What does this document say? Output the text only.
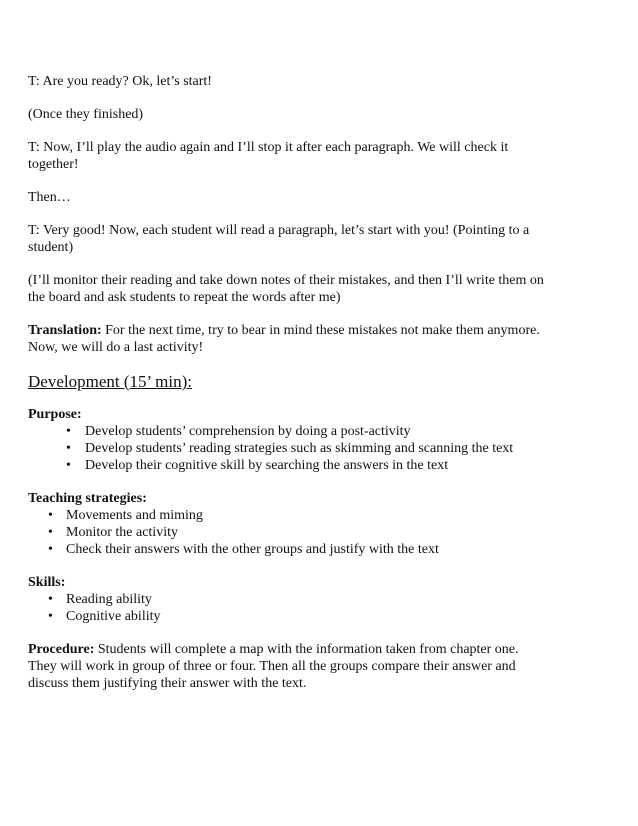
T: Are you ready? Ok, let’s start!

(Once they finished)

T: Now, I’ll play the audio again and I’ll stop it after each paragraph. We will check it together!

Then…

T: Very good! Now, each student will read a paragraph, let’s start with you! (Pointing to a student)

(I’ll monitor their reading and take down notes of their mistakes, and then I’ll write them on the board and ask students to repeat the words after me)

Translation: For the next time, try to bear in mind these mistakes not make them anymore. Now, we will do a last activity!

Development (15’ min):

Purpose:

• Develop students’ comprehension by doing a post-activity
• Develop students’ reading strategies such as skimming and scanning the text
• Develop their cognitive skill by searching the answers in the text

Teaching strategies:

• Movements and miming
• Monitor the activity
• Check their answers with the other groups and justify with the text

Skills:

• Reading ability
• Cognitive ability

Procedure: Students will complete a map with the information taken from chapter one. They will work in group of three or four. Then all the groups compare their answer and discuss them justifying their answer with the text.
